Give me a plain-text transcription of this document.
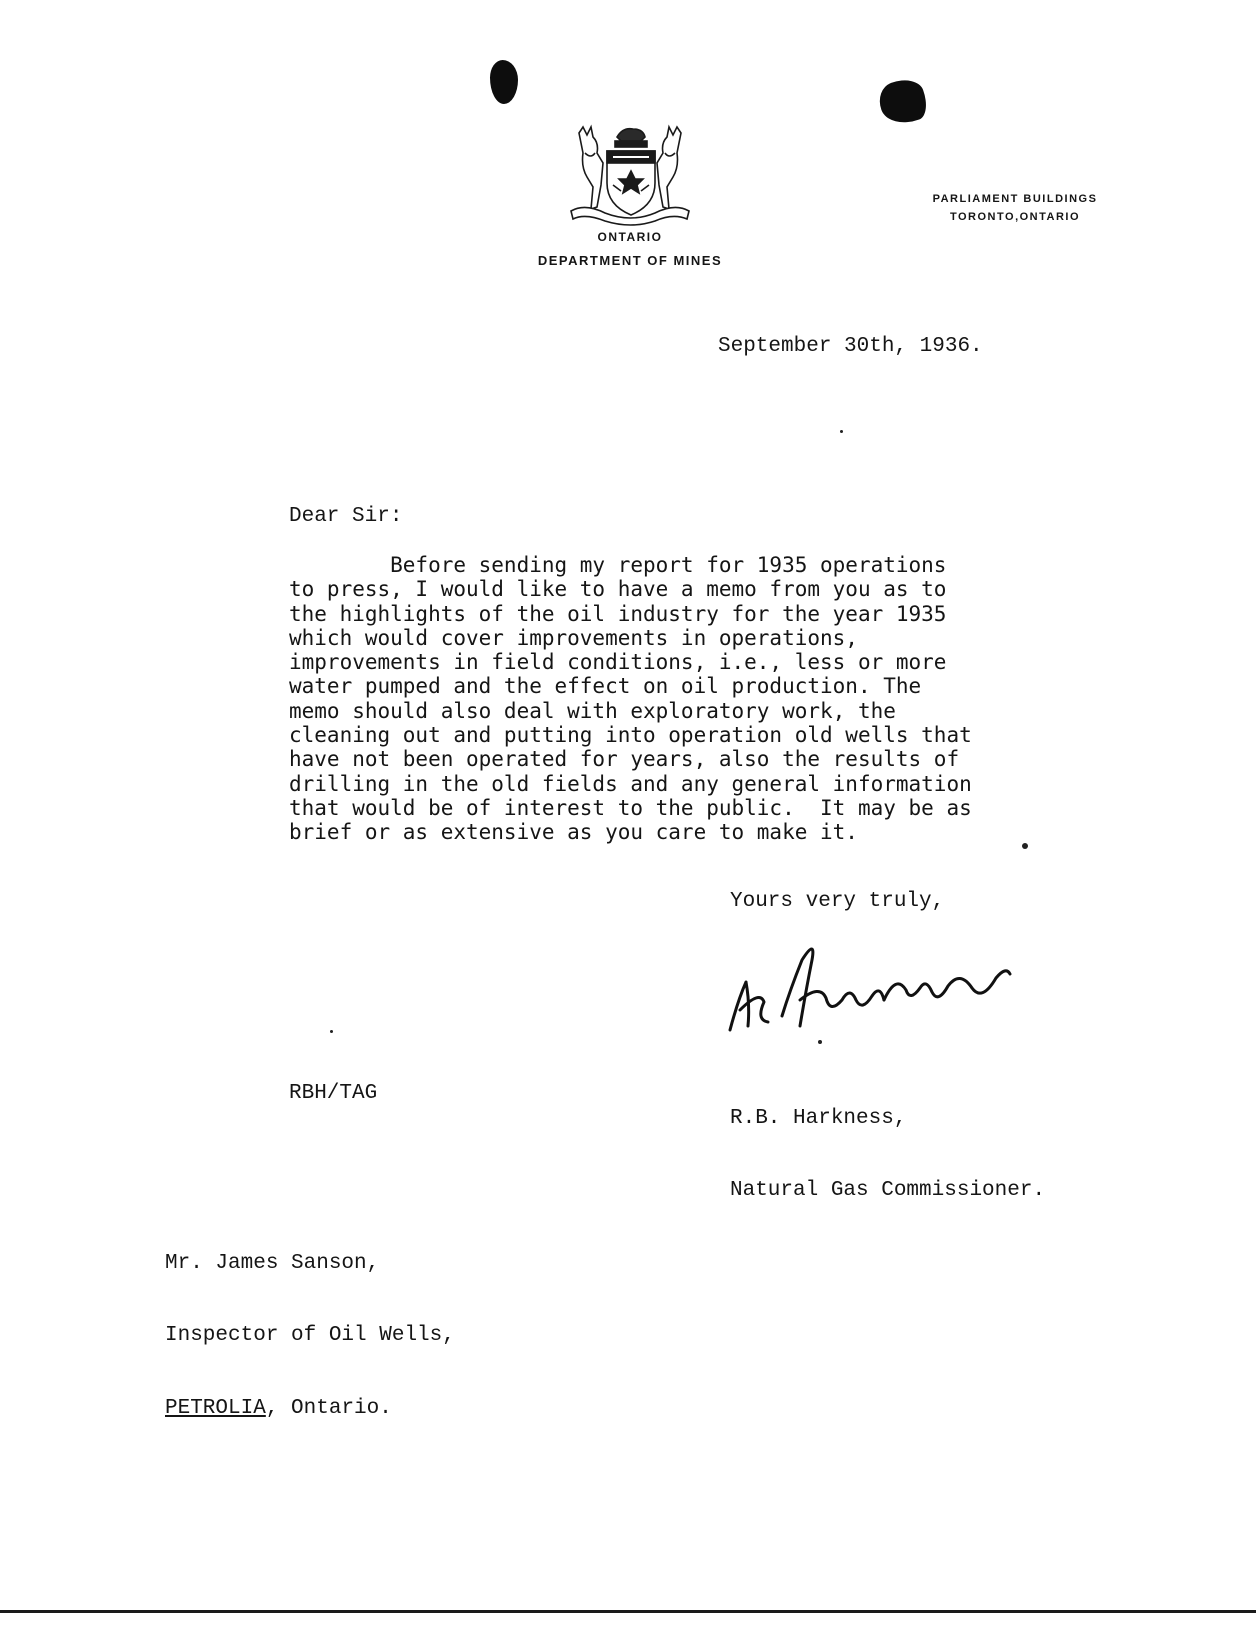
ONTARIO
DEPARTMENT OF MINES
PARLIAMENT BUILDINGS
TORONTO,ONTARIO
September 30th, 1936.
Dear Sir:
Before sending my report for 1935 operations
to press, I would like to have a memo from you as to
the highlights of the oil industry for the year 1935
which would cover improvements in operations,
improvements in field conditions, i.e., less or more
water pumped and the effect on oil production. The
memo should also deal with exploratory work, the
cleaning out and putting into operation old wells that
have not been operated for years, also the results of
drilling in the old fields and any general information
that would be of interest to the public.  It may be as
brief or as extensive as you care to make it.
Yours very truly,

R.B. Harkness,

Natural Gas Commissioner.

RBH/TAG

Mr. James Sanson,

Inspector of Oil Wells,

PETROLIA, Ontario.
